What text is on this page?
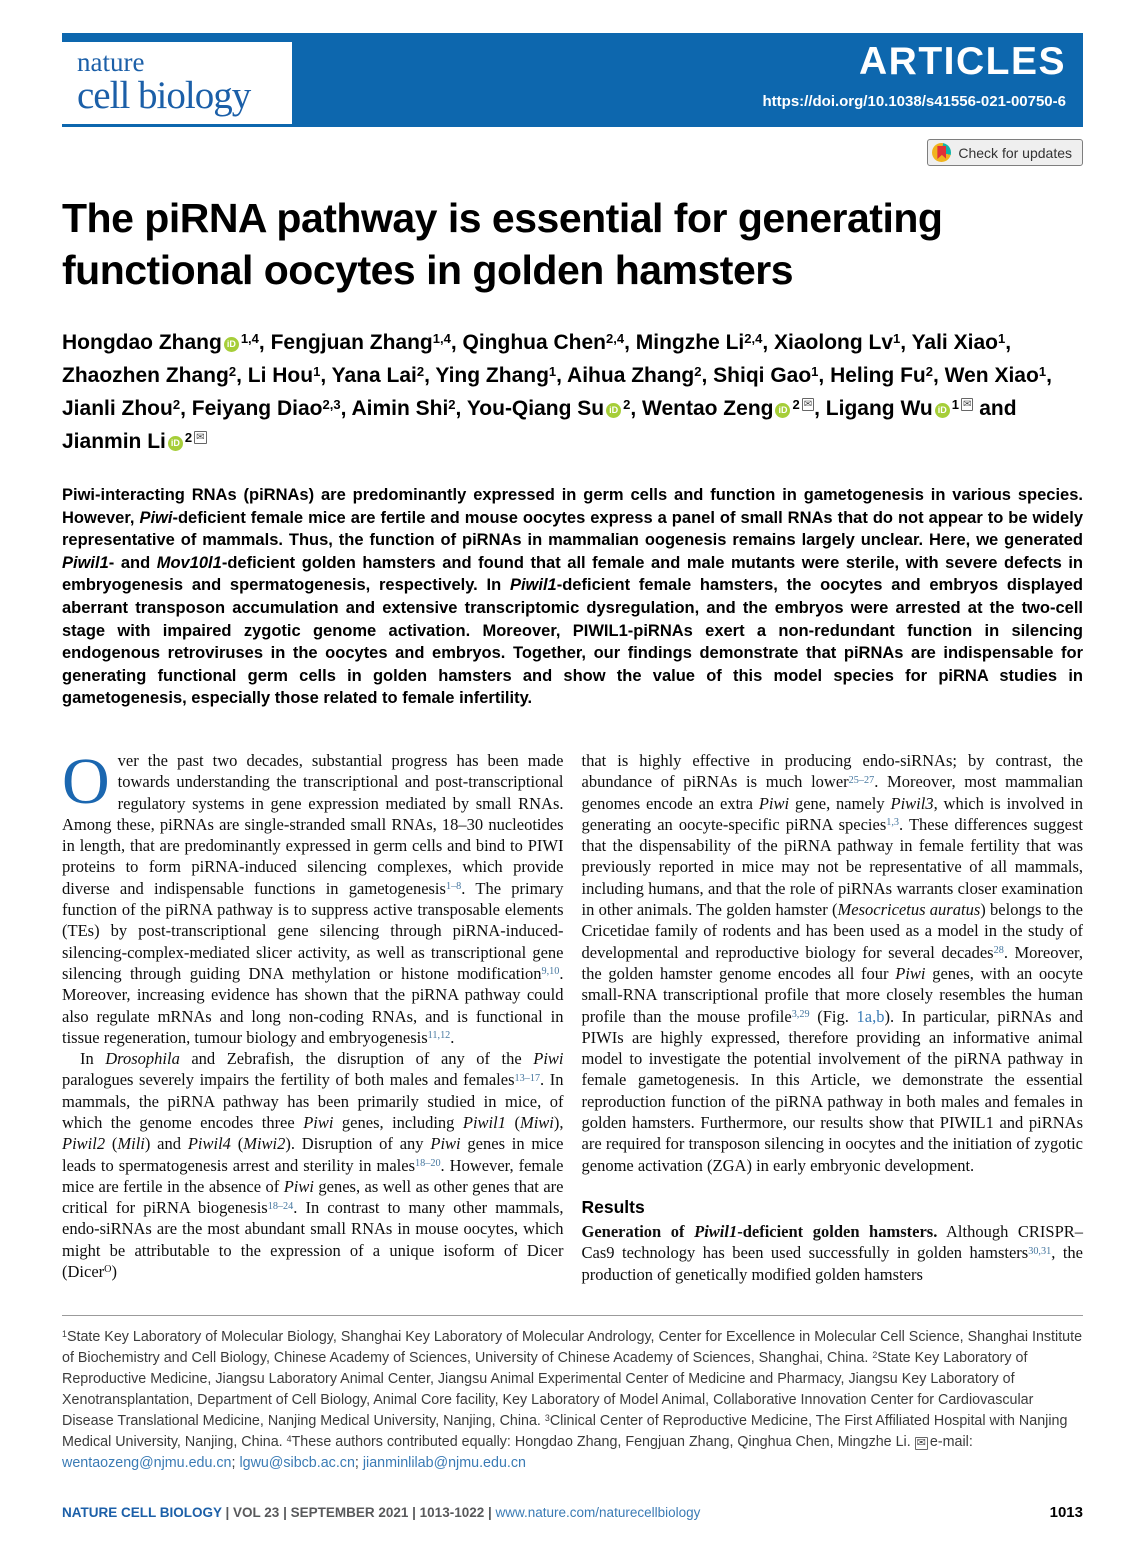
nature
cell biology
ARTICLES
https://doi.org/10.1038/s41556-021-00750-6
Check for updates
The piRNA pathway is essential for generating functional oocytes in golden hamsters
Hongdao Zhang iD $^{1,4}$, Fengjuan Zhang$^{1,4}$, Qinghua Chen$^{2,4}$, Mingzhe Li$^{2,4}$, Xiaolong Lv$^1$, Yali Xiao$^1$, Zhaozhen Zhang$^2$, Li Hou$^1$, Yana Lai$^2$, Ying Zhang$^1$, Aihua Zhang$^2$, Shiqi Gao$^1$, Heling Fu$^2$, Wen Xiao$^1$, Jianli Zhou$^2$, Feiyang Diao$^{2,3}$, Aimin Shi$^2$, You-Qiang Su iD $^2$, Wentao Zeng iD $^2$ ✉, Ligang Wu iD $^1$ ✉ and Jianmin Li iD $^2$ ✉
Piwi-interacting RNAs (piRNAs) are predominantly expressed in germ cells and function in gametogenesis in various species. However, Piwi-deficient female mice are fertile and mouse oocytes express a panel of small RNAs that do not appear to be widely representative of mammals. Thus, the function of piRNAs in mammalian oogenesis remains largely unclear. Here, we generated Piwil1- and Mov10l1-deficient golden hamsters and found that all female and male mutants were sterile, with severe defects in embryogenesis and spermatogenesis, respectively. In Piwil1-deficient female hamsters, the oocytes and embryos displayed aberrant transposon accumulation and extensive transcriptomic dysregulation, and the embryos were arrested at the two-cell stage with impaired zygotic genome activation. Moreover, PIWIL1-piRNAs exert a non-redundant function in silencing endogenous retroviruses in the oocytes and embryos. Together, our findings demonstrate that piRNAs are indispensable for generating functional germ cells in golden hamsters and show the value of this model species for piRNA studies in gametogenesis, especially those related to female infertility.

Over the past two decades, substantial progress has been made towards understanding the transcriptional and post-transcriptional regulatory systems in gene expression mediated by small RNAs. Among these, piRNAs are single-stranded small RNAs, 18–30 nucleotides in length, that are predominantly expressed in germ cells and bind to PIWI proteins to form piRNA-induced silencing complexes, which provide diverse and indispensable functions in gametogenesis$^{1-8}$. The primary function of the piRNA pathway is to suppress active transposable elements (TEs) by post-transcriptional gene silencing through piRNA-induced-silencing-complex-mediated slicer activity, as well as transcriptional gene silencing through guiding DNA methylation or histone modification$^{9,10}$. Moreover, increasing evidence has shown that the piRNA pathway could also regulate mRNAs and long non-coding RNAs, and is functional in tissue regeneration, tumour biology and embryogenesis$^{11,12}$.

In Drosophila and Zebrafish, the disruption of any of the Piwi paralogues severely impairs the fertility of both males and females$^{13-17}$. In mammals, the piRNA pathway has been primarily studied in mice, of which the genome encodes three Piwi genes, including Piwil1 (Miwi), Piwil2 (Mili) and Piwil4 (Miwi2). Disruption of any Piwi genes in mice leads to spermatogenesis arrest and sterility in males$^{18-20}$. However, female mice are fertile in the absence of Piwi genes, as well as other genes that are critical for piRNA biogenesis$^{18-24}$. In contrast to many other mammals, endo-siRNAs are the most abundant small RNAs in mouse oocytes, which might be attributable to the expression of a unique isoform of Dicer (Dicer$^O$)

that is highly effective in producing endo-siRNAs; by contrast, the abundance of piRNAs is much lower$^{25-27}$. Moreover, most mammalian genomes encode an extra Piwi gene, namely Piwil3, which is involved in generating an oocyte-specific piRNA species$^{1,3}$. These differences suggest that the dispensability of the piRNA pathway in female fertility that was previously reported in mice may not be representative of all mammals, including humans, and that the role of piRNAs warrants closer examination in other animals. The golden hamster (Mesocricetus auratus) belongs to the Cricetidae family of rodents and has been used as a model in the study of developmental and reproductive biology for several decades$^{28}$. Moreover, the golden hamster genome encodes all four Piwi genes, with an oocyte small-RNA transcriptional profile that more closely resembles the human profile than the mouse profile$^{3,29}$ (Fig. 1a,b). In particular, piRNAs and PIWIs are highly expressed, therefore providing an informative animal model to investigate the potential involvement of the piRNA pathway in female gametogenesis. In this Article, we demonstrate the essential reproduction function of the piRNA pathway in both males and females in golden hamsters. Furthermore, our results show that PIWIL1 and piRNAs are required for transposon silencing in oocytes and the initiation of zygotic genome activation (ZGA) in early embryonic development.

Results

Generation of Piwil1-deficient golden hamsters. Although CRISPR–Cas9 technology has been used successfully in golden hamsters$^{30,31}$, the production of genetically modified golden hamsters

$^1$State Key Laboratory of Molecular Biology, Shanghai Key Laboratory of Molecular Andrology, Center for Excellence in Molecular Cell Science, Shanghai Institute of Biochemistry and Cell Biology, Chinese Academy of Sciences, University of Chinese Academy of Sciences, Shanghai, China. $^2$State Key Laboratory of Reproductive Medicine, Jiangsu Laboratory Animal Center, Jiangsu Animal Experimental Center of Medicine and Pharmacy, Jiangsu Key Laboratory of Xenotransplantation, Department of Cell Biology, Animal Core facility, Key Laboratory of Model Animal, Collaborative Innovation Center for Cardiovascular Disease Translational Medicine, Nanjing Medical University, Nanjing, China. $^3$Clinical Center of Reproductive Medicine, The First Affiliated Hospital with Nanjing Medical University, Nanjing, China. $^4$These authors contributed equally: Hongdao Zhang, Fengjuan Zhang, Qinghua Chen, Mingzhe Li. ✉ e-mail: wentaozeng@njmu.edu.cn; lgwu@sibcb.ac.cn; jianminlilab@njmu.edu.cn
NATURE CELL BIOLOGY | VOL 23 | SEPTEMBER 2021 | 1013-1022 | www.nature.com/naturecellbiology	1013
